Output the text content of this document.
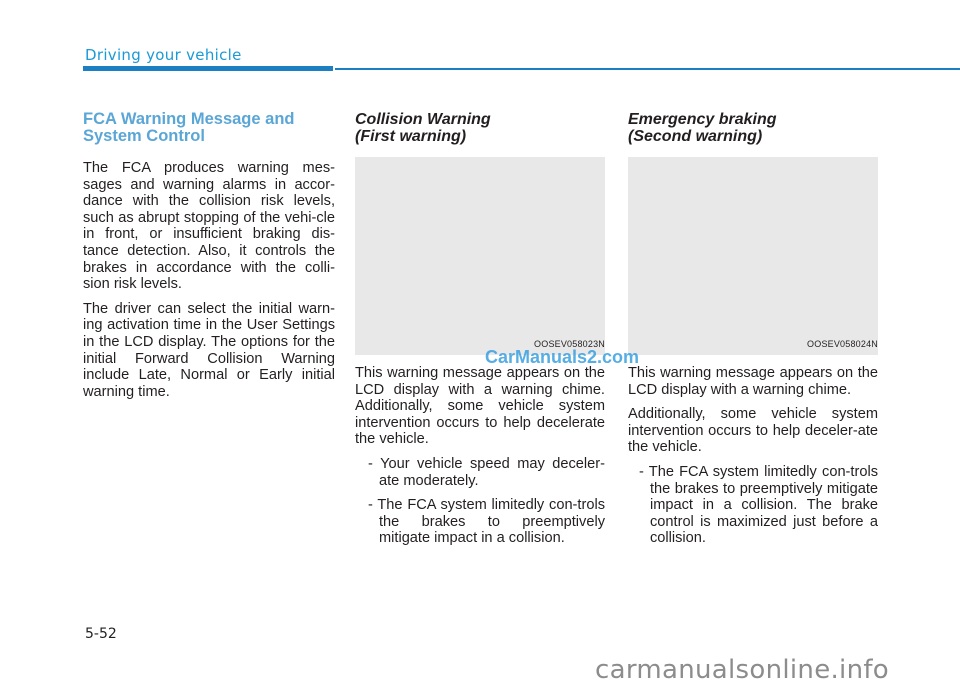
Driving your vehicle
FCA Warning Message and System Control

The FCA produces warning mes-sages and warning alarms in accor-dance with the collision risk levels, such as abrupt stopping of the vehi-cle in front, or insufficient braking dis-tance detection. Also, it controls the brakes in accordance with the colli-sion risk levels.

The driver can select the initial warn-ing activation time in the User Settings in the LCD display. The options for the initial Forward Collision Warning include Late, Normal or Early initial warning time.

Collision Warning
(First warning)
OOSEV058023N

This warning message appears on the LCD display with a warning chime. Additionally, some vehicle system intervention occurs to help decelerate the vehicle.

- Your vehicle speed may deceler-ate moderately.
- The FCA system limitedly con-trols the brakes to preemptively mitigate impact in a collision.
Emergency braking
(Second warning)
OOSEV058024N

This warning message appears on the LCD display with a warning chime.

Additionally, some vehicle system intervention occurs to help deceler-ate the vehicle.

- The FCA system limitedly con-trols the brakes to preemptively mitigate impact in a collision. The brake control is maximized just before a collision.
CarManuals2.com
5-52
carmanualsonline.info
